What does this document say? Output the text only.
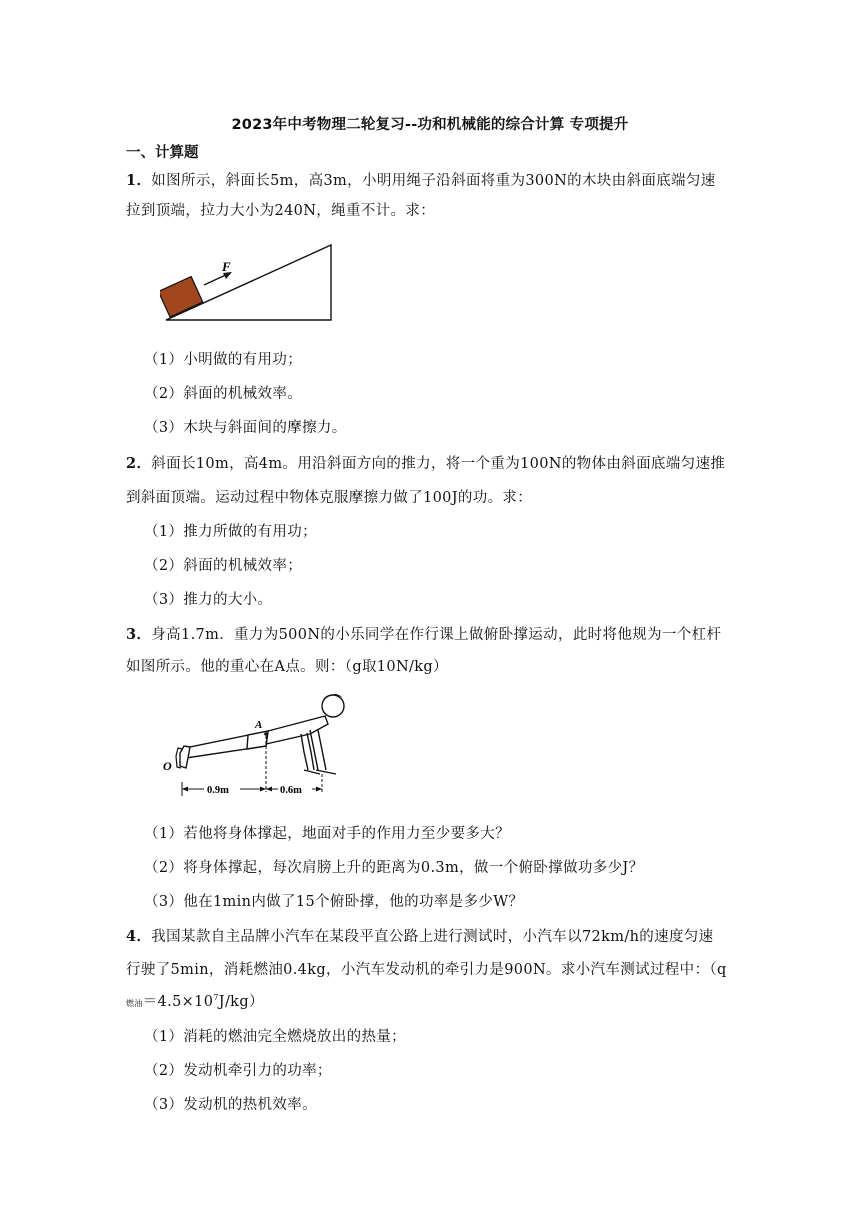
2023年中考物理二轮复习--功和机械能的综合计算 专项提升
一、计算题
1．如图所示，斜面长5m，高3m，小明用绳子沿斜面将重为300N的木块由斜面底端匀速
拉到顶端，拉力大小为240N，绳重不计。求：
F
（1）小明做的有用功；
（2）斜面的机械效率。
（3）木块与斜面间的摩擦力。
2．斜面长10m，高4m。用沿斜面方向的推力，将一个重为100N的物体由斜面底端匀速推
到斜面顶端。运动过程中物体克服摩擦力做了100J的功。求：
（1）推力所做的有用功；
（2）斜面的机械效率；
（3）推力的大小。
3．身高1.7m．重力为500N的小乐同学在作行课上做俯卧撑运动，此时将他规为一个杠杆
如图所示。他的重心在A点。则：（g取10N/kg）
O
A
0.9m	0.6m
（1）若他将身体撑起，地面对手的作用力至少要多大？
（2）将身体撑起，每次肩膀上升的距离为0.3m，做一个俯卧撑做功多少J？
（3）他在1min内做了15个俯卧撑，他的功率是多少W？
4．我国某款自主品牌小汽车在某段平直公路上进行测试时，小汽车以72km/h的速度匀速
行驶了5min，消耗燃油0.4kg，小汽车发动机的牵引力是900N。求小汽车测试过程中：（q
燃油$=4.5\times 10^7J/kg$）
（1）消耗的燃油完全燃烧放出的热量；
（2）发动机牵引力的功率；
（3）发动机的热机效率。
